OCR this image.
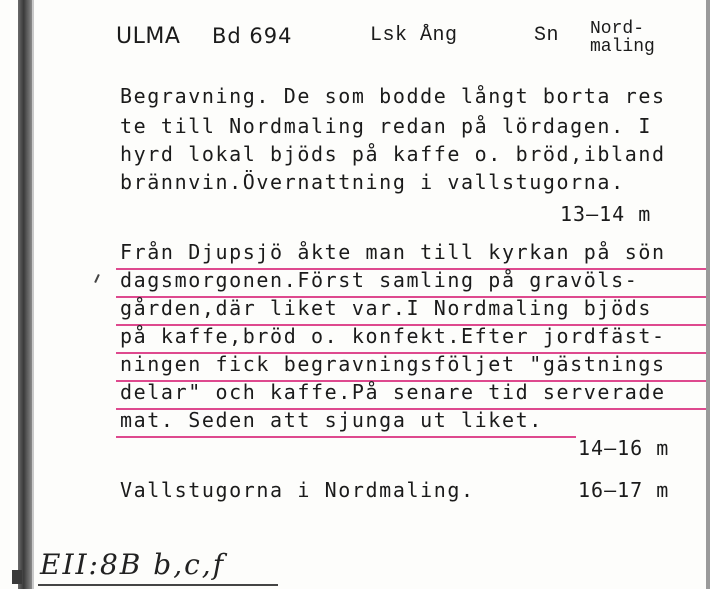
ULMA Bd 694	Lsk Ång	Sn Nord-
maling
Begravning. De som bodde långt borta res
te till Nordmaling redan på lördagen. I
hyrd lokal bjöds på kaffe o. bröd,ibland
brännvin.Övernattning i vallstugorna.
13–14 m
Från Djupsjö åkte man till kyrkan på sön
dagsmorgonen.Först samling på gravöls-
gården,där liket var.I Nordmaling bjöds
på kaffe,bröd o. konfekt.Efter jordfäst-
ningen fick begravningsföljet "gästnings
delar" och kaffe.På senare tid serverade
mat. Seden att sjunga ut liket.
14–16 m
Vallstugorna i Nordmaling.	16–17 m
EII:8B b,c,f
